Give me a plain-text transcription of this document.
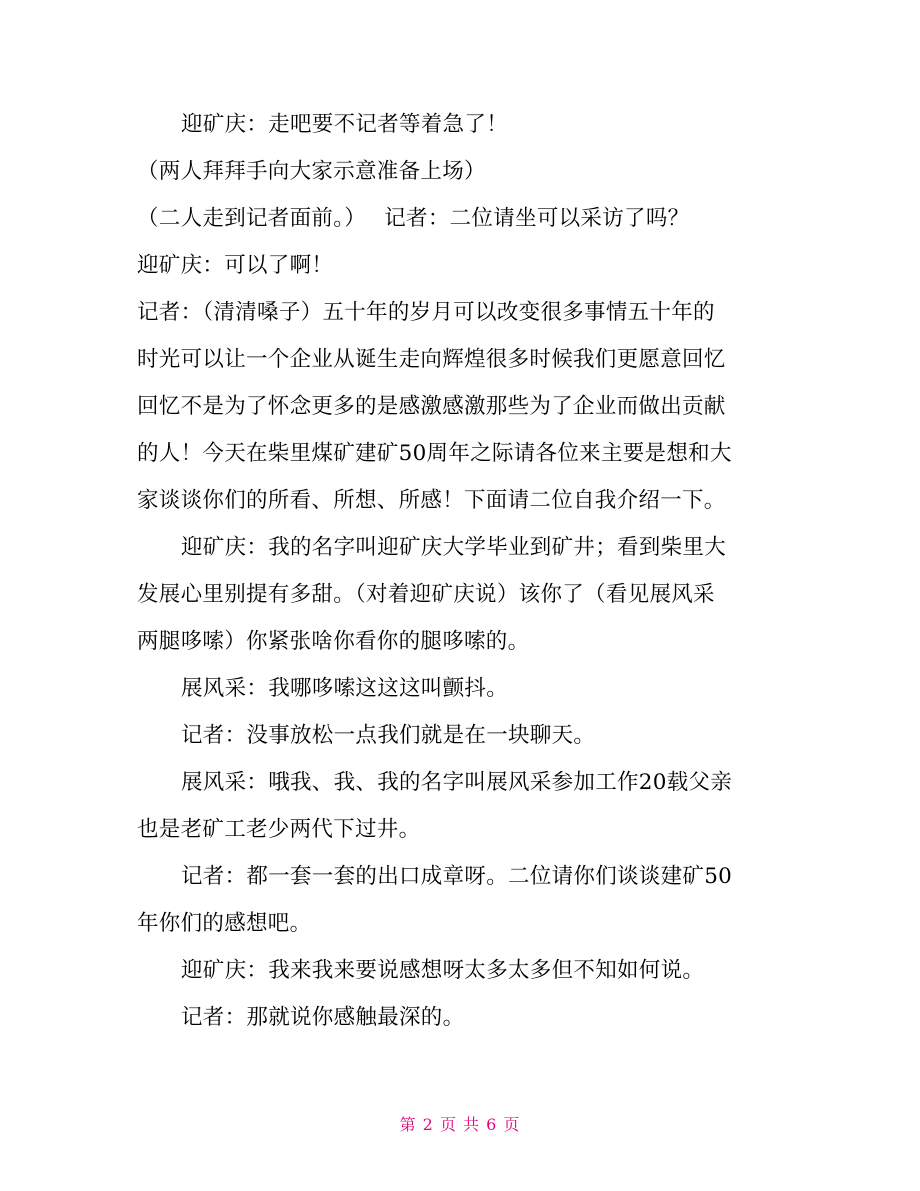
迎矿庆：走吧要不记者等着急了！
（两人拜拜手向大家示意准备上场）
（二人走到记者面前。）　 记者：二位请坐可以采访了吗？
迎矿庆：可以了啊！
记者：（清清嗓子）五十年的岁月可以改变很多事情五十年的
时光可以让一个企业从诞生走向辉煌很多时候我们更愿意回忆
回忆不是为了怀念更多的是感激感激那些为了企业而做出贡献
的人！今天在柴里煤矿建矿50周年之际请各位来主要是想和大
家谈谈你们的所看、所想、所感！下面请二位自我介绍一下。
迎矿庆：我的名字叫迎矿庆大学毕业到矿井；看到柴里大
发展心里别提有多甜。（对着迎矿庆说）该你了（看见展风采
两腿哆嗦）你紧张啥你看你的腿哆嗦的。
展风采：我哪哆嗦这这这叫颤抖。
记者：没事放松一点我们就是在一块聊天。
展风采：哦我、我、我的名字叫展风采参加工作20载父亲
也是老矿工老少两代下过井。
记者：都一套一套的出口成章呀。二位请你们谈谈建矿50
年你们的感想吧。
迎矿庆：我来我来要说感想呀太多太多但不知如何说。
记者：那就说你感触最深的。
第 2 页 共 6 页
